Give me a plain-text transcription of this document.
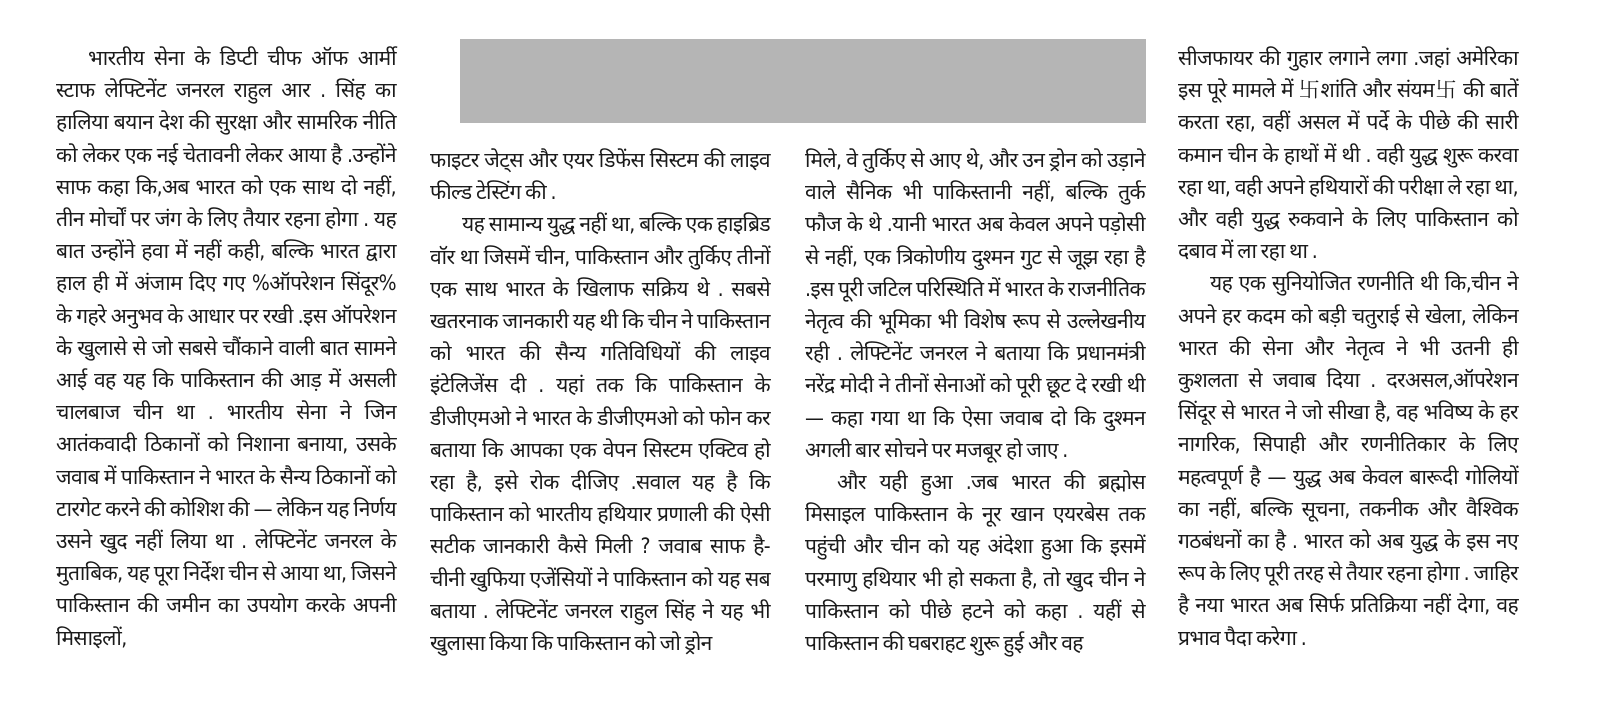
भारतीय सेना के डिप्टी चीफ ऑफ आर्मी स्टाफ लेफ्टिनेंट जनरल राहुल आर . सिंह का हालिया बयान देश की सुरक्षा और सामरिक नीति को लेकर एक नई चेतावनी लेकर आया है .उन्होंने साफ कहा कि,अब भारत को एक साथ दो नहीं, तीन मोर्चों पर जंग के लिए तैयार रहना होगा . यह बात उन्होंने हवा में नहीं कही, बल्कि भारत द्वारा हाल ही में अंजाम दिए गए %ऑपरेशन सिंदूर% के गहरे अनुभव के आधार पर रखी .इस ऑपरेशन के खुलासे से जो सबसे चौंकाने वाली बात सामने आई वह यह कि पाकिस्तान की आड़ में असली चालबाज चीन था . भारतीय सेना ने जिन आतंकवादी ठिकानों को निशाना बनाया, उसके जवाब में पाकिस्तान ने भारत के सैन्य ठिकानों को टारगेट करने की कोशिश की — लेकिन यह निर्णय उसने खुद नहीं लिया था . लेफ्टिनेंट जनरल के मुताबिक, यह पूरा निर्देश चीन से आया था, जिसने पाकिस्तान की जमीन का उपयोग करके अपनी मिसाइलों,

फाइटर जेट्स और एयर डिफेंस सिस्टम की लाइव फील्ड टेस्टिंग की .

यह सामान्य युद्ध नहीं था, बल्कि एक हाइब्रिड वॉर था जिसमें चीन, पाकिस्तान और तुर्किए तीनों एक साथ भारत के खिलाफ सक्रिय थे . सबसे खतरनाक जानकारी यह थी कि चीन ने पाकिस्तान को भारत की सैन्य गतिविधियों की लाइव इंटेलिजेंस दी . यहां तक कि पाकिस्तान के डीजीएमओ ने भारत के डीजीएमओ को फोन कर बताया कि आपका एक वेपन सिस्टम एक्टिव हो रहा है, इसे रोक दीजिए .सवाल यह है कि पाकिस्तान को भारतीय हथियार प्रणाली की ऐसी सटीक जानकारी कैसे मिली ? जवाब साफ है- चीनी खुफिया एजेंसियों ने पाकिस्तान को यह सब बताया . लेफ्टिनेंट जनरल राहुल सिंह ने यह भी खुलासा किया कि पाकिस्तान को जो ड्रोन

मिले, वे तुर्किए से आए थे, और उन ड्रोन को उड़ाने वाले सैनिक भी पाकिस्तानी नहीं, बल्कि तुर्क फौज के थे .यानी भारत अब केवल अपने पड़ोसी से नहीं, एक त्रिकोणीय दुश्मन गुट से जूझ रहा है .इस पूरी जटिल परिस्थिति में भारत के राजनीतिक नेतृत्व की भूमिका भी विशेष रूप से उल्लेखनीय रही . लेफ्टिनेंट जनरल ने बताया कि प्रधानमंत्री नरेंद्र मोदी ने तीनों सेनाओं को पूरी छूट दे रखी थी — कहा गया था कि ऐसा जवाब दो कि दुश्मन अगली बार सोचने पर मजबूर हो जाए .

और यही हुआ .जब भारत की ब्रह्मोस मिसाइल पाकिस्तान के नूर खान एयरबेस तक पहुंची और चीन को यह अंदेशा हुआ कि इसमें परमाणु हथियार भी हो सकता है, तो खुद चीन ने पाकिस्तान को पीछे हटने को कहा . यहीं से पाकिस्तान की घबराहट शुरू हुई और वह

सीजफायर की गुहार लगाने लगा .जहां अमेरिका इस पूरे मामले में 卐शांति और संयम卐 की बातें करता रहा, वहीं असल में पर्दे के पीछे की सारी कमान चीन के हाथों में थी . वही युद्ध शुरू करवा रहा था, वही अपने हथियारों की परीक्षा ले रहा था, और वही युद्ध रुकवाने के लिए पाकिस्तान को दबाव में ला रहा था .

यह एक सुनियोजित रणनीति थी कि,चीन ने अपने हर कदम को बड़ी चतुराई से खेला, लेकिन भारत की सेना और नेतृत्व ने भी उतनी ही कुशलता से जवाब दिया . दरअसल,ऑपरेशन सिंदूर से भारत ने जो सीखा है, वह भविष्य के हर नागरिक, सिपाही और रणनीतिकार के लिए महत्वपूर्ण है — युद्ध अब केवल बारूदी गोलियों का नहीं, बल्कि सूचना, तकनीक और वैश्विक गठबंधनों का है . भारत को अब युद्ध के इस नए रूप के लिए पूरी तरह से तैयार रहना होगा . जाहिर है नया भारत अब सिर्फ प्रतिक्रिया नहीं देगा, वह प्रभाव पैदा करेगा .
